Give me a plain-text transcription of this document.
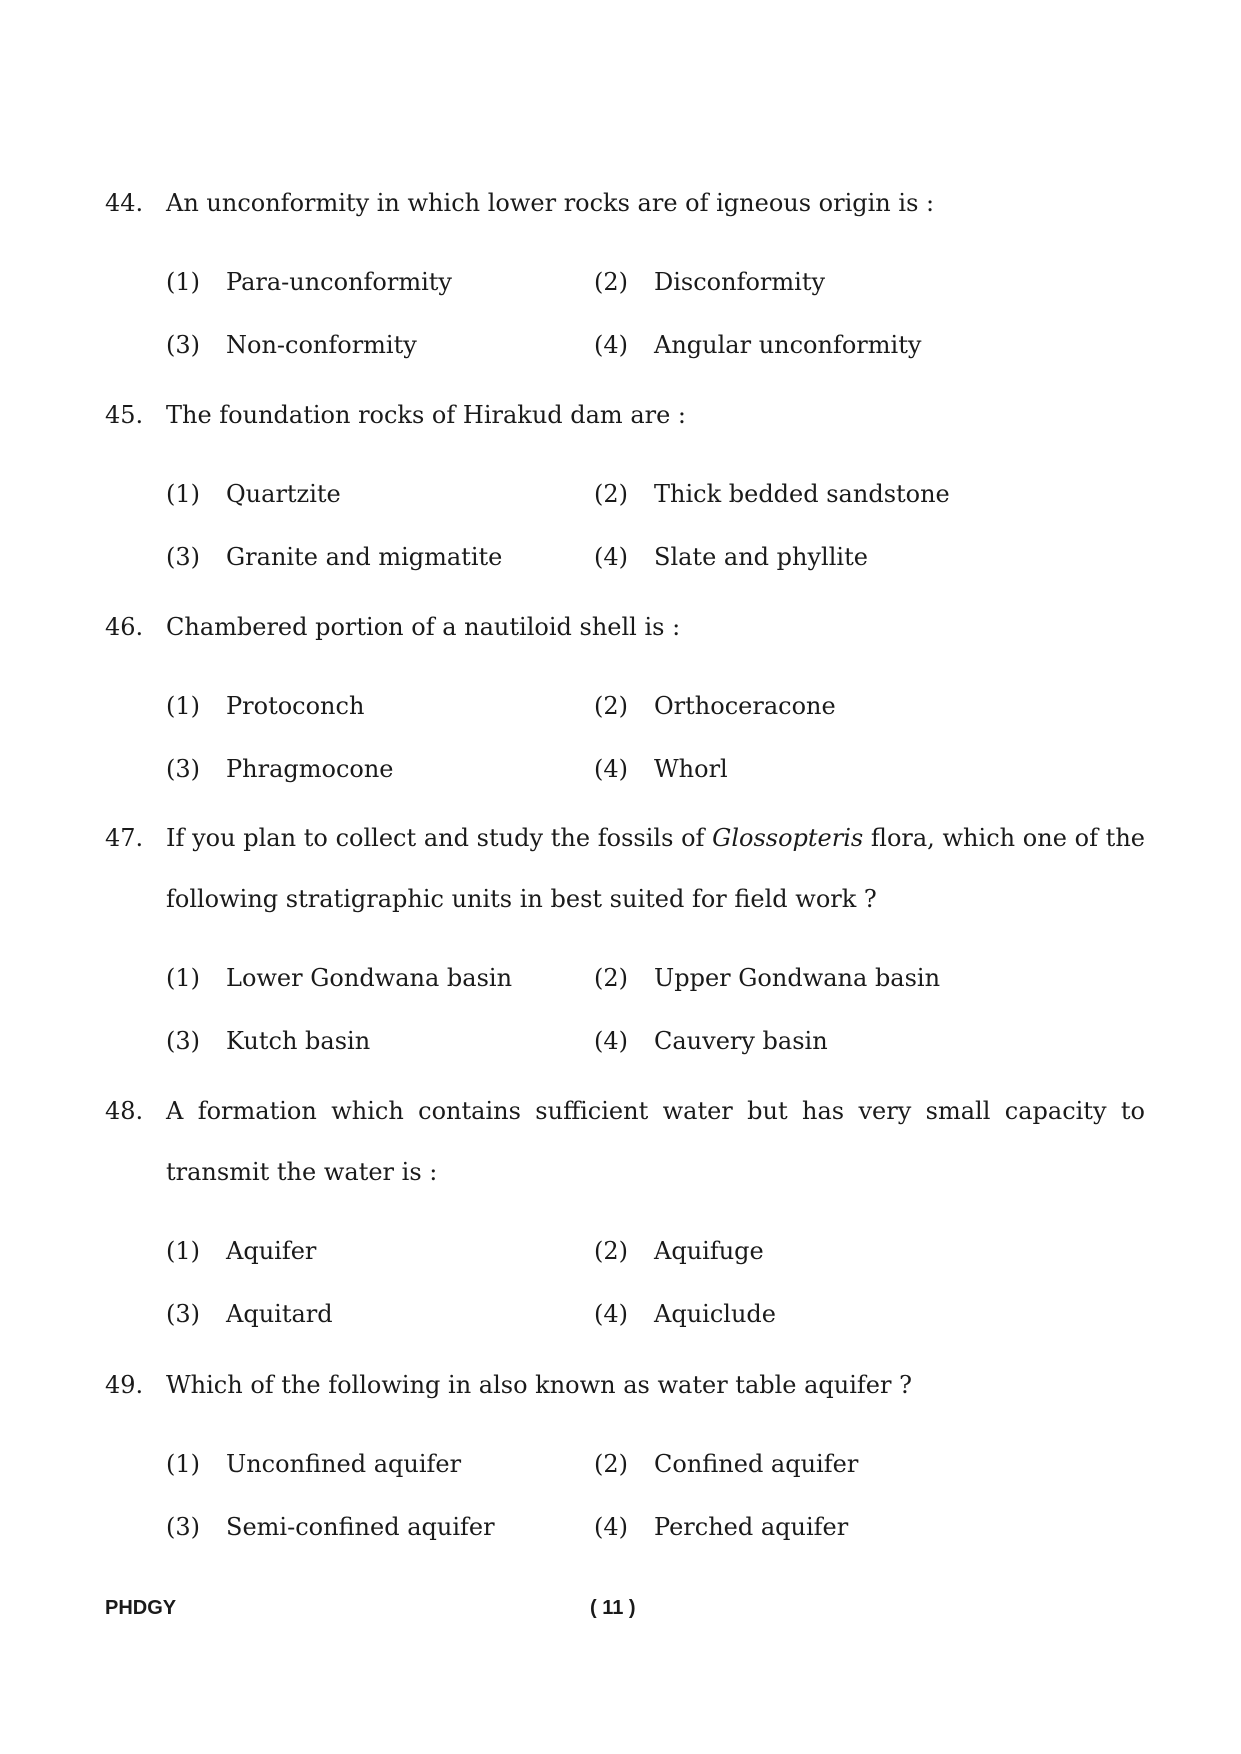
44. An unconformity in which lower rocks are of igneous origin is :
(1)	Para-unconformity	(2)	Disconformity
(3)	Non-conformity	(4)	Angular unconformity
45. The foundation rocks of Hirakud dam are :
(1)	Quartzite	(2)	Thick bedded sandstone
(3)	Granite and migmatite	(4)	Slate and phyllite
46. Chambered portion of a nautiloid shell is :
(1)	Protoconch	(2)	Orthoceracone
(3)	Phragmocone	(4)	Whorl
47. If you plan to collect and study the fossils of Glossopteris flora, which one of the following stratigraphic units in best suited for field work ?
(1)	Lower Gondwana basin	(2)	Upper Gondwana basin
(3)	Kutch basin	(4)	Cauvery basin
48. A formation which contains sufficient water but has very small capacity to transmit the water is :
(1)	Aquifer	(2)	Aquifuge
(3)	Aquitard	(4)	Aquiclude
49. Which of the following in also known as water table aquifer ?
(1)	Unconfined aquifer	(2)	Confined aquifer
(3)	Semi-confined aquifer	(4)	Perched aquifer
PHDGY	( 11 )
